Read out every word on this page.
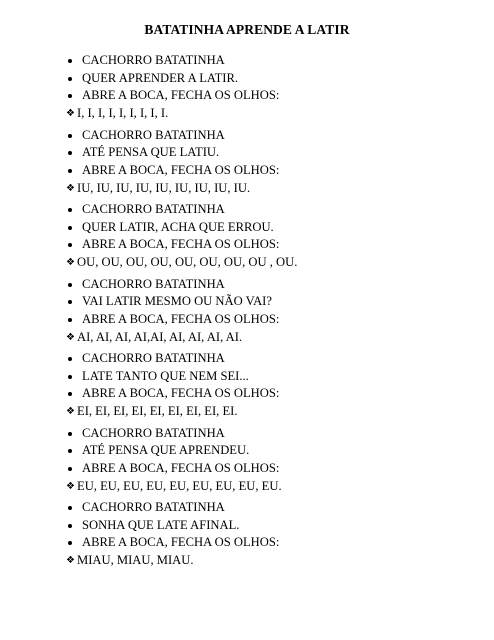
BATATINHA APRENDE A LATIR
CACHORRO BATATINHA
QUER APRENDER A LATIR.
ABRE A BOCA, FECHA OS OLHOS:
❖ I, I, I, I, I, I, I, I, I.
CACHORRO BATATINHA
ATÉ PENSA QUE LATIU.
ABRE A BOCA, FECHA OS OLHOS:
❖ IU, IU, IU, IU, IU, IU, IU, IU, IU.
CACHORRO BATATINHA
QUER LATIR, ACHA QUE ERROU.
ABRE A BOCA, FECHA OS OLHOS:
❖ OU, OU, OU, OU, OU, OU, OU, OU , OU.
CACHORRO BATATINHA
VAI LATIR MESMO OU NÃO VAI?
ABRE A BOCA, FECHA OS OLHOS:
❖ AI, AI, AI, AI,AI, AI, AI, AI, AI.
CACHORRO BATATINHA
LATE TANTO QUE NEM SEI...
ABRE A BOCA, FECHA OS OLHOS:
❖ EI, EI, EI, EI, EI, EI, EI, EI, EI.
CACHORRO BATATINHA
ATÉ PENSA QUE APRENDEU.
ABRE A BOCA, FECHA OS OLHOS:
❖ EU, EU, EU, EU, EU, EU, EU, EU, EU.
CACHORRO BATATINHA
SONHA QUE LATE AFINAL.
ABRE A BOCA, FECHA OS OLHOS:
❖ MIAU, MIAU, MIAU.
